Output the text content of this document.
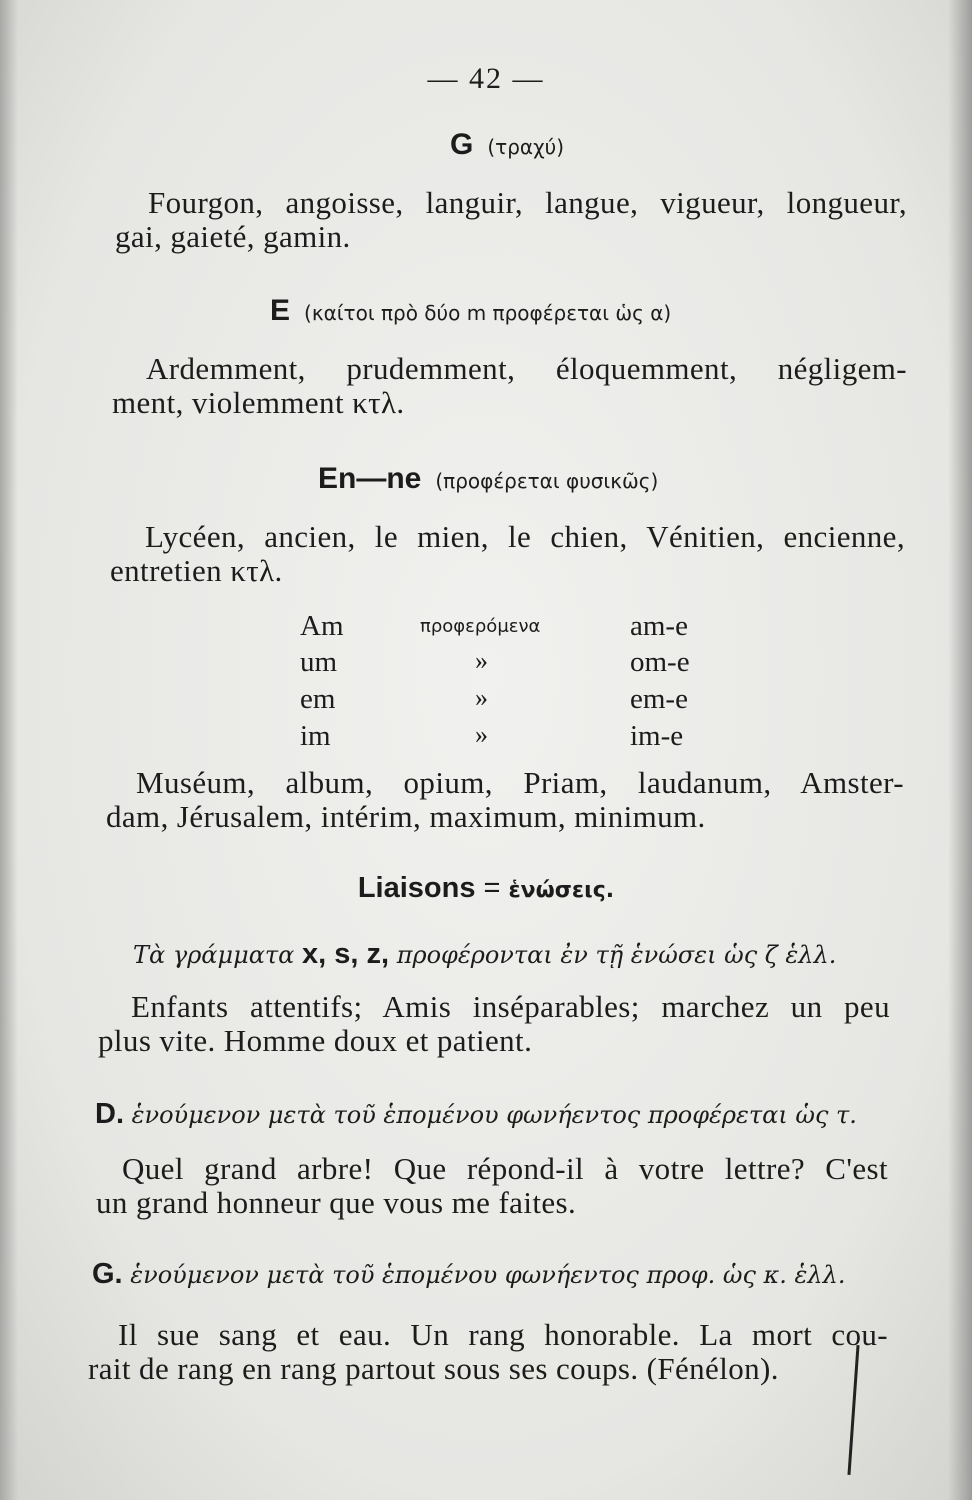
— 42 —
G (τραχύ)
Fourgon, angoisse, languir, langue, vigueur, longueur,
gai, gaieté, gamin.
E (καίτοι πρὸ δύο m προφέρεται ὡς α)
Ardemment, prudemment, éloquemment, négligem-
ment, violemment κτλ.
En—ne (προφέρεται φυσικῶς)
Lycéen, ancien, le mien, le chien, Vénitien, encienne,
entretien κτλ.
Am	προφερόμενα	am-e
um	»	om-e
em	»	em-e
im	»	im-e
Muséum, album, opium, Priam, laudanum, Amster-
dam, Jérusalem, intérim, maximum, minimum.
Liaisons = ἑνώσεις.
Τὰ γράμματα x, s, z, προφέρονται ἐν τῇ ἑνώσει ὡς ζ ἑλλ.
Enfants attentifs; Amis inséparables; marchez un peu
plus vite. Homme doux et patient.
D. ἑνούμενον μετὰ τοῦ ἑπομένου φωνήεντος προφέρεται ὡς τ.
Quel grand arbre! Que répond-il à votre lettre? C'est
un grand honneur que vous me faites.
G. ἑνούμενον μετὰ τοῦ ἑπομένου φωνήεντος προφ. ὡς κ. ἑλλ.
Il sue sang et eau. Un rang honorable. La mort cou-
rait de rang en rang partout sous ses coups. (Fénélon).
